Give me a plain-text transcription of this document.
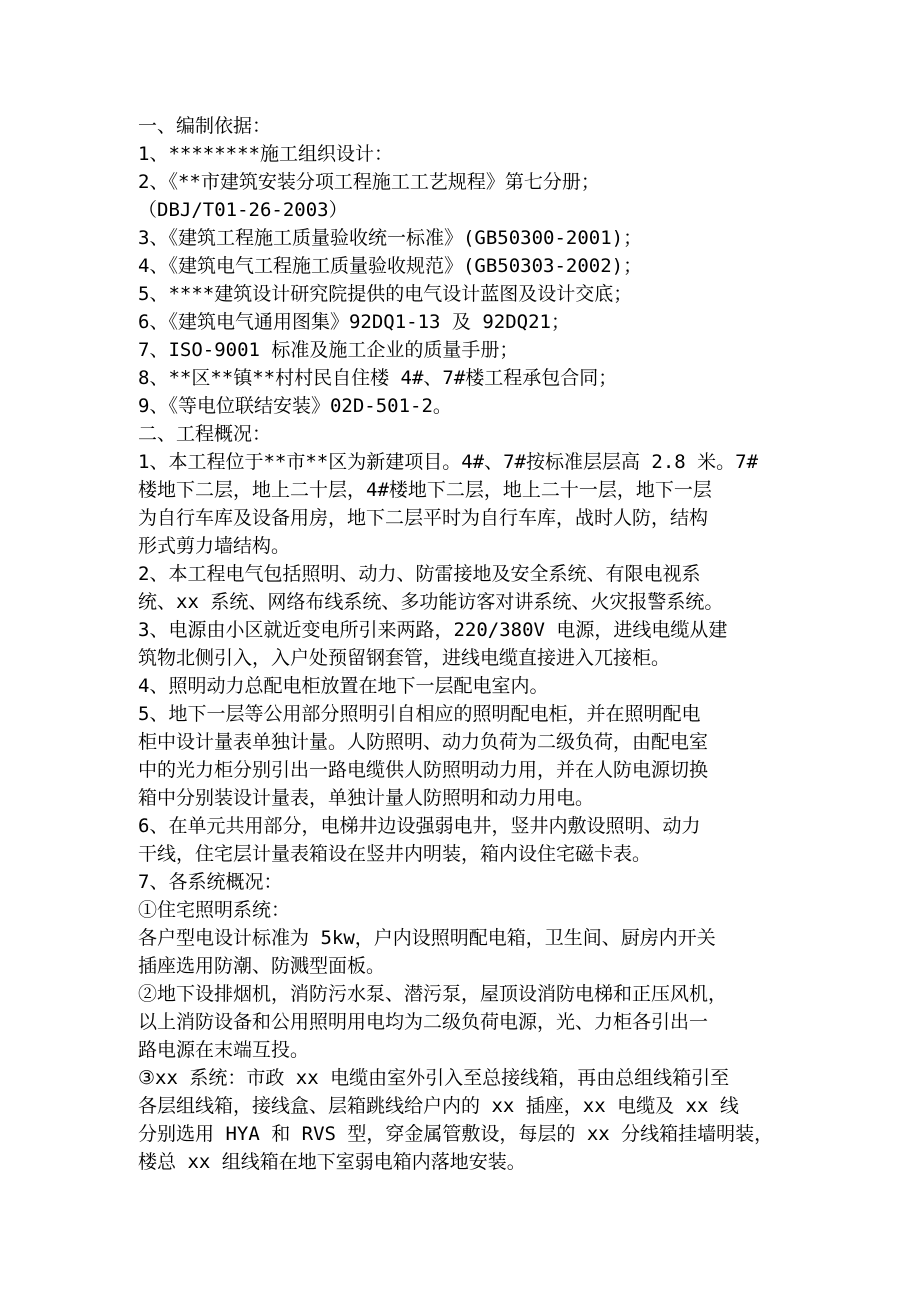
一、编制依据：
1、********施工组织设计：
2、《**市建筑安装分项工程施工工艺规程》第七分册；
（DBJ/T01-26-2003）
3、《建筑工程施工质量验收统一标准》(GB50300-2001)；
4、《建筑电气工程施工质量验收规范》(GB50303-2002)；
5、****建筑设计研究院提供的电气设计蓝图及设计交底；
6、《建筑电气通用图集》92DQ1-13 及 92DQ21；
7、ISO-9001 标准及施工企业的质量手册；
8、**区**镇**村村民自住楼 4#、7#楼工程承包合同；
9、《等电位联结安装》02D-501-2。
二、工程概况：
1、本工程位于**市**区为新建项目。4#、7#按标准层层高 2.8 米。7#
楼地下二层，地上二十层，4#楼地下二层，地上二十一层，地下一层
为自行车库及设备用房，地下二层平时为自行车库，战时人防，结构
形式剪力墙结构。
2、本工程电气包括照明、动力、防雷接地及安全系统、有限电视系
统、xx 系统、网络布线系统、多功能访客对讲系统、火灾报警系统。
3、电源由小区就近变电所引来两路，220/380V 电源，进线电缆从建
筑物北侧引入，入户处预留钢套管，进线电缆直接进入兀接柜。
4、照明动力总配电柜放置在地下一层配电室内。
5、地下一层等公用部分照明引自相应的照明配电柜，并在照明配电
柜中设计量表单独计量。人防照明、动力负荷为二级负荷，由配电室
中的光力柜分别引出一路电缆供人防照明动力用，并在人防电源切换
箱中分别装设计量表，单独计量人防照明和动力用电。
6、在单元共用部分，电梯井边设强弱电井，竖井内敷设照明、动力
干线，住宅层计量表箱设在竖井内明装，箱内设住宅磁卡表。
7、各系统概况：
①住宅照明系统：
各户型电设计标准为 5kw，户内设照明配电箱，卫生间、厨房内开关
插座选用防潮、防溅型面板。
②地下设排烟机，消防污水泵、潜污泵，屋顶设消防电梯和正压风机，
以上消防设备和公用照明用电均为二级负荷电源，光、力柜各引出一
路电源在末端互投。
③xx 系统：市政 xx 电缆由室外引入至总接线箱，再由总组线箱引至
各层组线箱，接线盒、层箱跳线给户内的 xx 插座，xx 电缆及 xx 线
分别选用 HYA 和 RVS 型，穿金属管敷设，每层的 xx 分线箱挂墙明装，
楼总 xx 组线箱在地下室弱电箱内落地安装。
